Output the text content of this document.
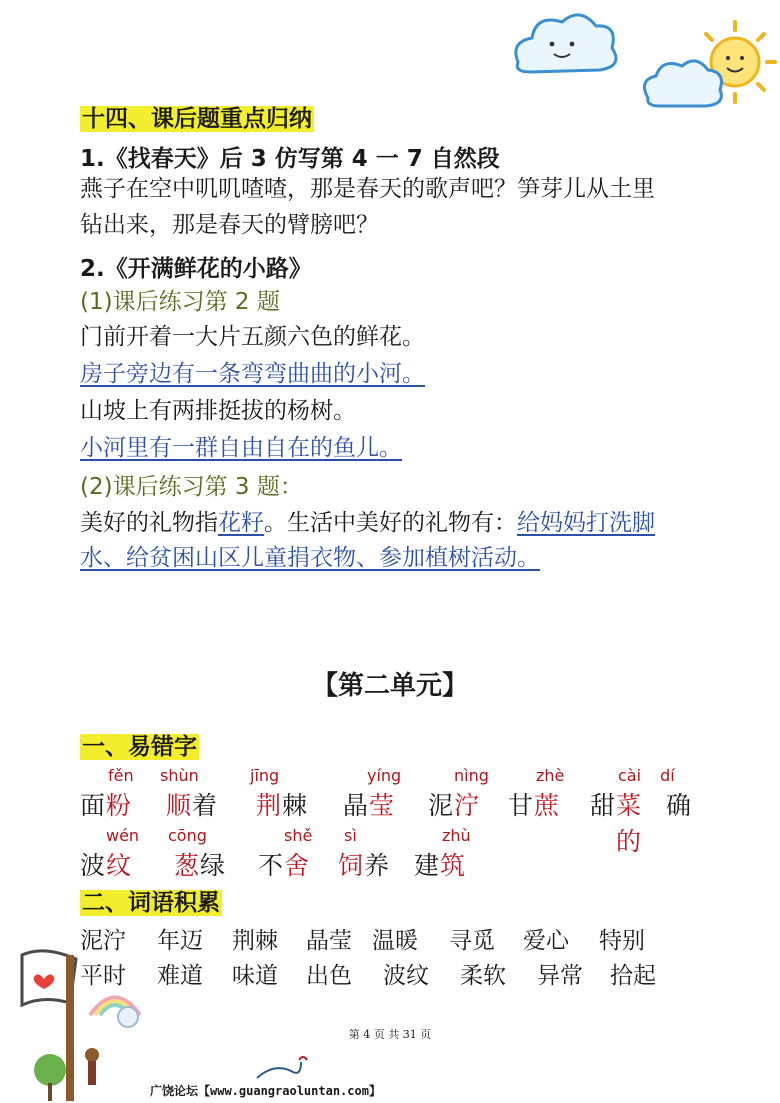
十四、课后题重点归纳
1.《找春天》后 3 仿写第 4 一 7 自然段
燕子在空中叽叽喳喳，那是春天的歌声吧？笋芽儿从土里
钻出来，那是春天的臂膀吧？
2.《开满鲜花的小路》
(1)课后练习第 2 题
门前开着一大片五颜六色的鲜花。
房子旁边有一条弯弯曲曲的小河。
山坡上有两排挺拔的杨树。
小河里有一群自由自在的鱼儿。
(2)课后练习第 3 题：
美好的礼物指花籽。生活中美好的礼物有：给妈妈打洗脚
水、给贫困山区儿童捐衣物、参加植树活动。
【第二单元】
一、易错字
fěn
面 粉
shùn
顺 着
jīng
荆 棘
yíng
晶 莹
nìng
泥 泞
zhè
甘 蔗
cài dí
甜 菜的
确
wén
波 纹
cōng
葱 绿
shě
不 舍
sì
饲 养
zhù
建 筑
二、词语积累
泥泞 年迈 荆棘 晶莹 温暖 寻觅 爱心 特别
平时 难道 味道 出色 波纹 柔软 异常 拾起
第 4 页 共 31 页
广饶论坛【www.guangraoluntan.com】
